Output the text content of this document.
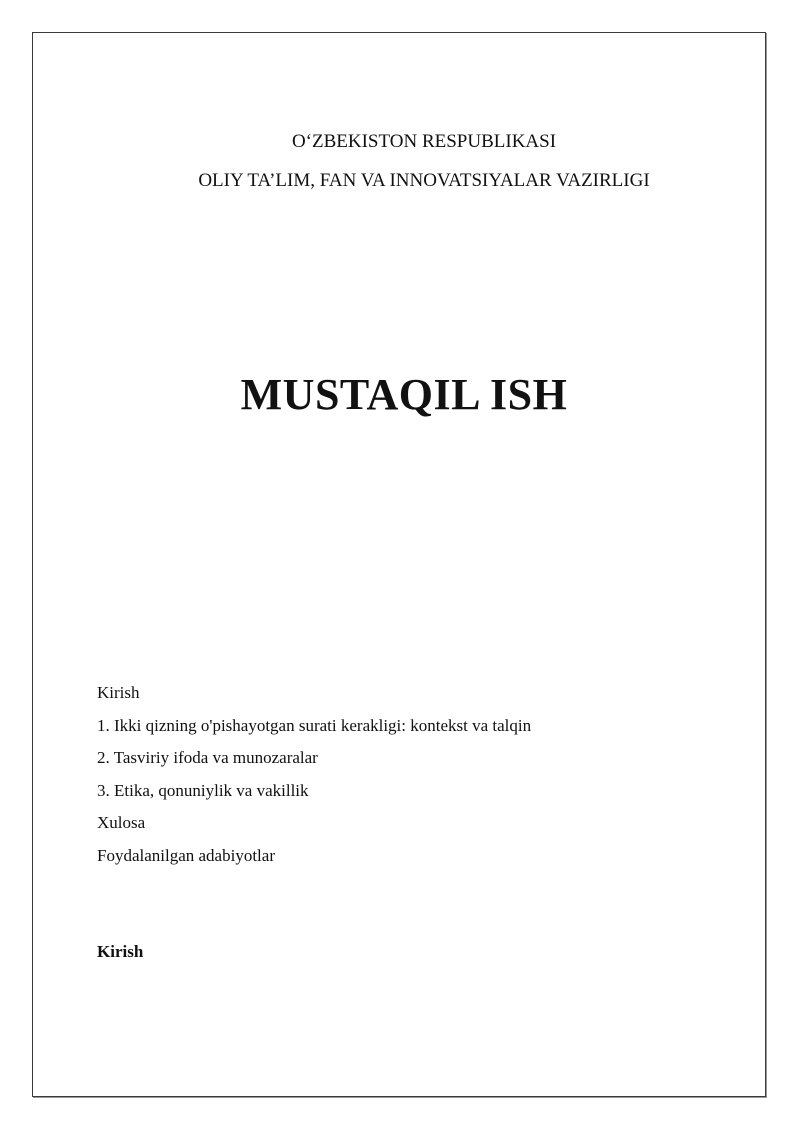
O‘ZBEKISTON RESPUBLIKASI
OLIY TA’LIM, FAN VA INNOVATSIYALAR VAZIRLIGI
MUSTAQIL ISH
Kirish
1. Ikki qizning o'pishayotgan surati kerakligi: kontekst va talqin
2. Tasviriy ifoda va munozaralar
3. Etika, qonuniylik va vakillik
Xulosa
Foydalanilgan adabiyotlar
Kirish
